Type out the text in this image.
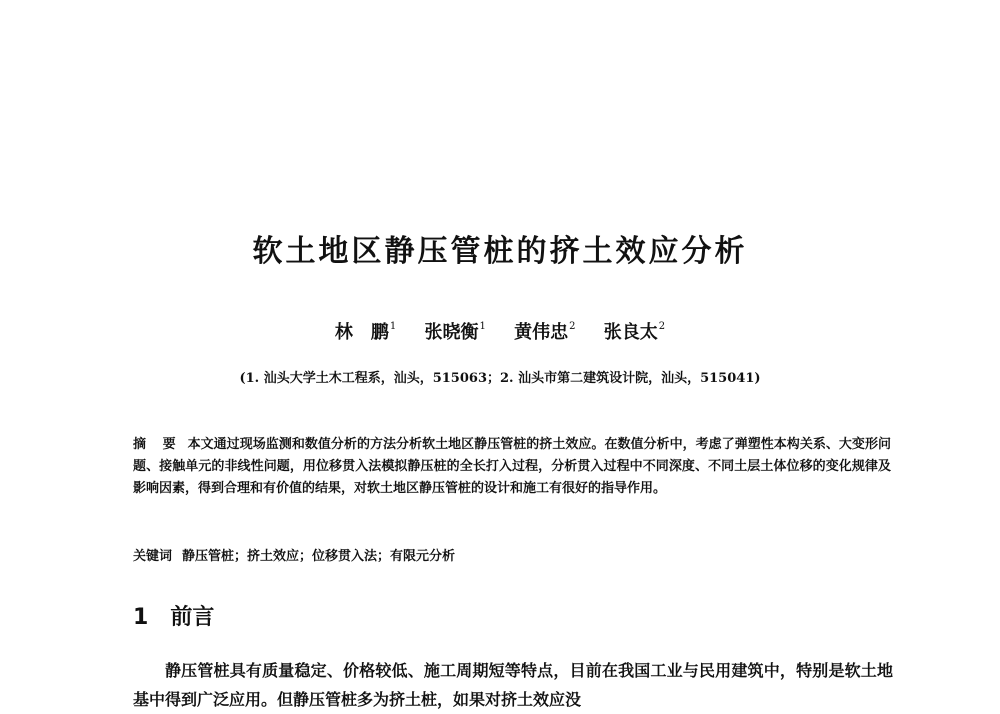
软土地区静压管桩的挤土效应分析
林　鹏$^1$ 张晓衡$^1$ 黄伟忠$^2$ 张良太$^2$
(1. 汕头大学土木工程系，汕头，515063；2. 汕头市第二建筑设计院，汕头，515041)
摘 要 本文通过现场监测和数值分析的方法分析软土地区静压管桩的挤土效应。在数值分析中，考虑了弹塑性本构关系、大变形问题、接触单元的非线性问题，用位移贯入法模拟静压桩的全长打入过程，分析贯入过程中不同深度、不同土层土体位移的变化规律及影响因素，得到合理和有价值的结果，对软土地区静压管桩的设计和施工有很好的指导作用。
关键词 静压管桩；挤土效应；位移贯入法；有限元分析
1 前言
静压管桩具有质量稳定、价格较低、施工周期短等特点，目前在我国工业与民用建筑中，特别是软土地基中得到广泛应用。但静压管桩多为挤土桩，如果对挤土效应没
